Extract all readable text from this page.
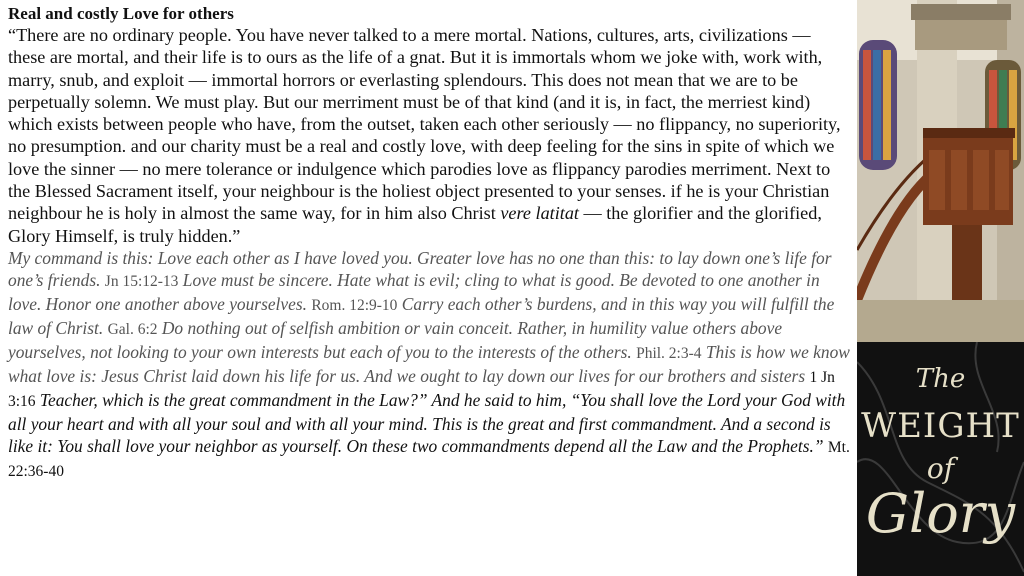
Real and costly Love for others

“There are no ordinary people. You have never talked to a mere mortal. Nations, cultures, arts, civilizations — these are mortal, and their life is to ours as the life of a gnat. But it is immortals whom we joke with, work with, marry, snub, and exploit — immortal horrors or everlasting splendours. This does not mean that we are to be perpetually solemn. We must play. But our merriment must be of that kind (and it is, in fact, the merriest kind) which exists between people who have, from the outset, taken each other seriously — no flippancy, no superiority, no presumption. and our charity must be a real and costly love, with deep feeling for the sins in spite of which we love the sinner — no mere tolerance or indulgence which parodies love as flippancy parodies merriment. Next to the Blessed Sacrament itself, your neighbour is the holiest object presented to your senses. if he is your Christian neighbour he is holy in almost the same way, for in him also Christ vere latitat — the glorifier and the glorified, Glory Himself, is truly hidden.”

My command is this: Love each other as I have loved you. Greater love has no one than this: to lay down one’s life for one’s friends. Jn 15:12-13 Love must be sincere. Hate what is evil; cling to what is good. Be devoted to one another in love. Honor one another above yourselves. Rom. 12:9-10 Carry each other’s burdens, and in this way you will fulfill the law of Christ. Gal. 6:2 Do nothing out of selfish ambition or vain conceit. Rather, in humility value others above yourselves, not looking to your own interests but each of you to the interests of the others. Phil. 2:3-4 This is how we know what love is: Jesus Christ laid down his life for us. And we ought to lay down our lives for our brothers and sisters 1 Jn 3:16 Teacher, which is the great commandment in the Law?” And he said to him, “You shall love the Lord your God with all your heart and with all your soul and with all your mind. This is the great and first commandment. And a second is like it: You shall love your neighbor as yourself. On these two commandments depend all the Law and the Prophets.” Mt. 22:36-40

The
WEIGHT
of
Glory
